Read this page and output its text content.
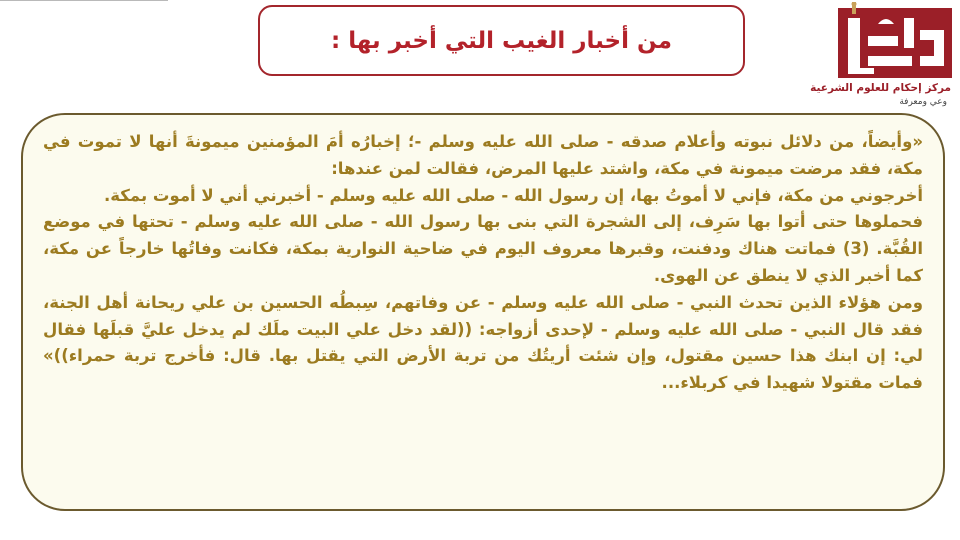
من أخبار الغيب التي أخبر بها :
مركز إحكام للعلوم الشرعية
وعي ومعرفة

«وأيضاً، من دلائل نبوته وأعلام صدقه - صلى الله عليه وسلم -؛ إخبارُه أمَ المؤمنين ميمونةَ أنها لا تموت في مكة، فقد مرضت ميمونة في مكة، واشتد عليها المرض، فقالت لمن عندها:

أخرجوني من مكة، فإني لا أموتُ بها، إن رسول الله - صلى الله عليه وسلم - أخبرني أني لا أموت بمكة.

فحملوها حتى أتوا بها سَرِف، إلى الشجرة التي بنى بها رسول الله - صلى الله عليه وسلم - تحتها في موضع القُبَّة. (3) فماتت هناك ودفنت، وقبرها معروف اليوم في ضاحية النوارية بمكة، فكانت وفاتُها خارجاً عن مكة، كما أخبر الذي لا ينطق عن الهوى.

ومن هؤلاء الذين تحدث النبي - صلى الله عليه وسلم - عن وفاتهم، سِبطُه الحسين بن علي ريحانة أهل الجنة، فقد قال النبي - صلى الله عليه وسلم - لإحدى أزواجه: ((لقد دخل علي البيت ملَك لم يدخل عليَّ قبلَها فقال لي: إن ابنك هذا حسين مقتول، وإن شئت أريتُك من تربة الأرض التي يقتل بها. قال: فأخرج تربة حمراء))» فمات مقتولا شهيدا في كربلاء...
